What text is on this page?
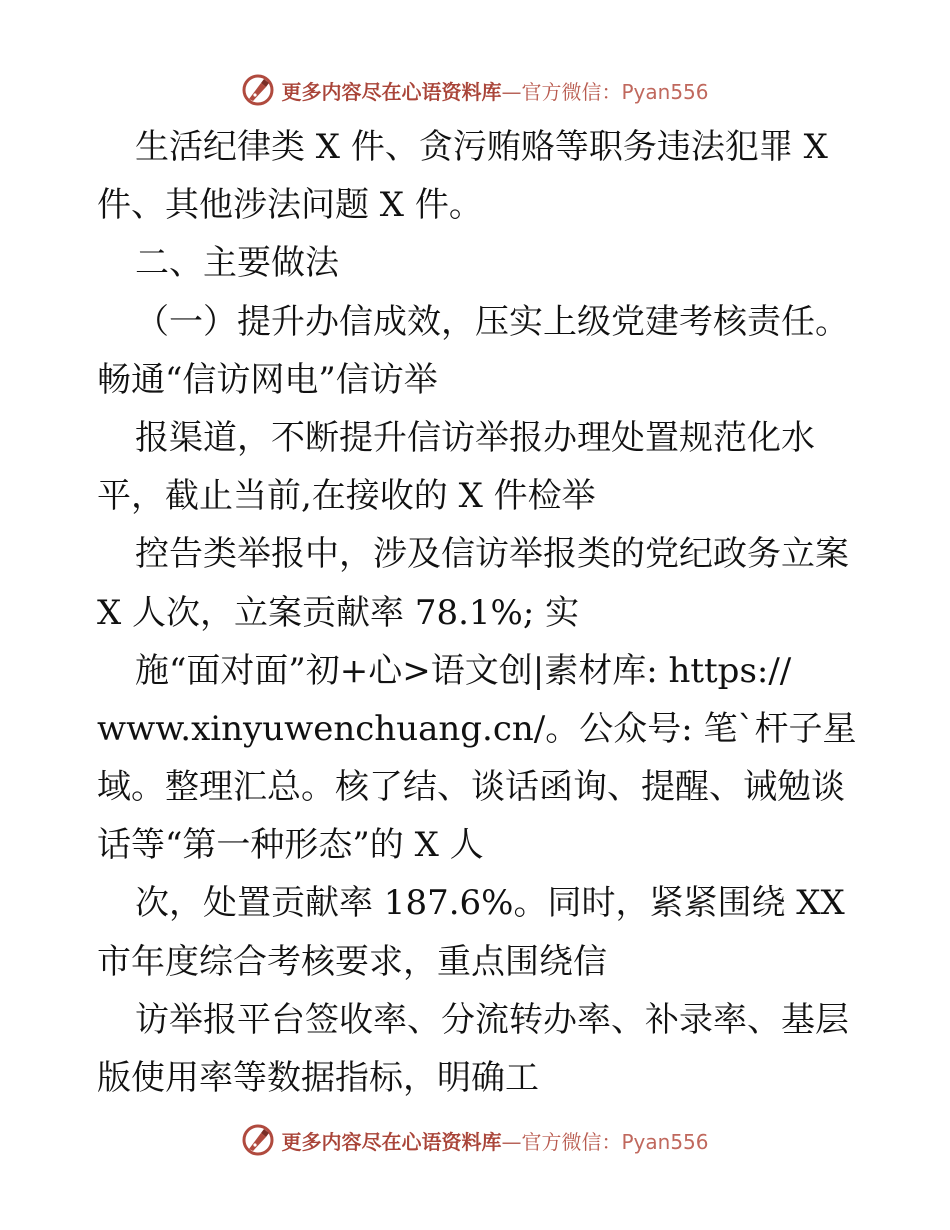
更多内容尽在心语资料库—官方微信：Pyan556
生活纪律类 X 件、贪污贿赂等职务违法犯罪 X
件、其他涉法问题 X 件。
二、主要做法
（一）提升办信成效，压实上级党建考核责任。
畅通“信访网电”信访举
报渠道，不断提升信访举报办理处置规范化水
平，截止当前,在接收的 X 件检举
控告类举报中，涉及信访举报类的党纪政务立案
X 人次，立案贡献率 78.1%; 实
施“面对面”初+心>语文创|素材库: https://
www.xinyuwenchuang.cn/。公众号: 笔`杆子星
域。整理汇总。核了结、谈话函询、提醒、诫勉谈
话等“第一种形态”的 X 人
次，处置贡献率 187.6%。同时，紧紧围绕 XX
市年度综合考核要求，重点围绕信
访举报平台签收率、分流转办率、补录率、基层
版使用率等数据指标，明确工
更多内容尽在心语资料库—官方微信：Pyan556
